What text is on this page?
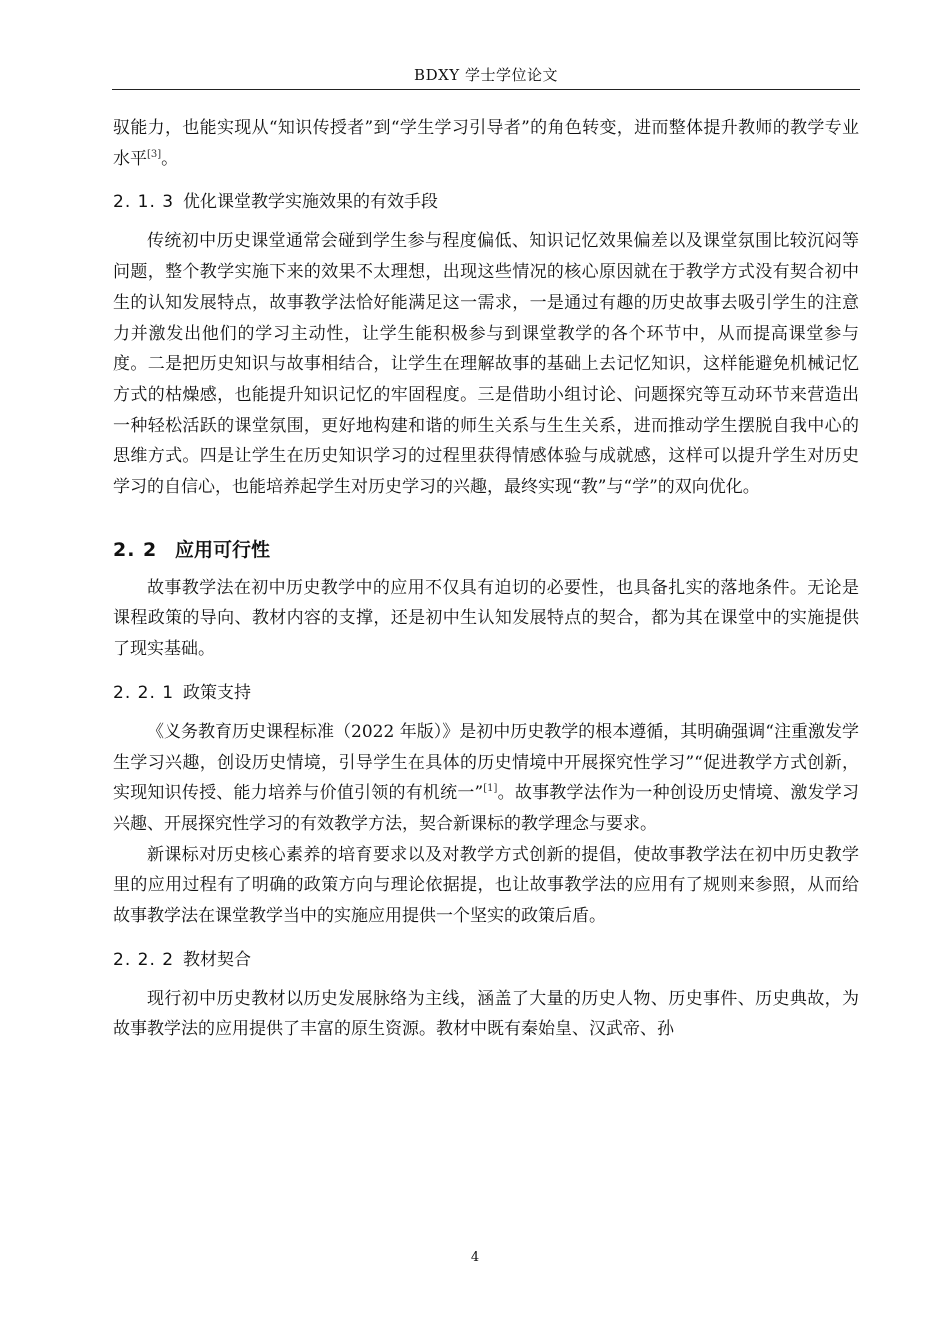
BDXY 学士学位论文

驭能力，也能实现从“知识传授者”到“学生学习引导者”的角色转变，进而整体提升教师的教学专业水平[3]。

2. 1. 3 优化课堂教学实施效果的有效手段

传统初中历史课堂通常会碰到学生参与程度偏低、知识记忆效果偏差以及课堂氛围比较沉闷等问题，整个教学实施下来的效果不太理想，出现这些情况的核心原因就在于教学方式没有契合初中生的认知发展特点，故事教学法恰好能满足这一需求，一是通过有趣的历史故事去吸引学生的注意力并激发出他们的学习主动性，让学生能积极参与到课堂教学的各个环节中，从而提高课堂参与度。二是把历史知识与故事相结合，让学生在理解故事的基础上去记忆知识，这样能避免机械记忆方式的枯燥感，也能提升知识记忆的牢固程度。三是借助小组讨论、问题探究等互动环节来营造出一种轻松活跃的课堂氛围，更好地构建和谐的师生关系与生生关系，进而推动学生摆脱自我中心的思维方式。四是让学生在历史知识学习的过程里获得情感体验与成就感，这样可以提升学生对历史学习的自信心，也能培养起学生对历史学习的兴趣，最终实现“教”与“学”的双向优化。

2. 2 应用可行性

故事教学法在初中历史教学中的应用不仅具有迫切的必要性，也具备扎实的落地条件。无论是课程政策的导向、教材内容的支撑，还是初中生认知发展特点的契合，都为其在课堂中的实施提供了现实基础。

2. 2. 1 政策支持

《义务教育历史课程标准（2022 年版）》是初中历史教学的根本遵循，其明确强调“注重激发学生学习兴趣，创设历史情境，引导学生在具体的历史情境中开展探究性学习”“促进教学方式创新，实现知识传授、能力培养与价值引领的有机统一”[1]。故事教学法作为一种创设历史情境、激发学习兴趣、开展探究性学习的有效教学方法，契合新课标的教学理念与要求。

新课标对历史核心素养的培育要求以及对教学方式创新的提倡，使故事教学法在初中历史教学里的应用过程有了明确的政策方向与理论依据提，也让故事教学法的应用有了规则来参照，从而给故事教学法在课堂教学当中的实施应用提供一个坚实的政策后盾。

2. 2. 2 教材契合

现行初中历史教材以历史发展脉络为主线，涵盖了大量的历史人物、历史事件、历史典故，为故事教学法的应用提供了丰富的原生资源。教材中既有秦始皇、汉武帝、孙

4
